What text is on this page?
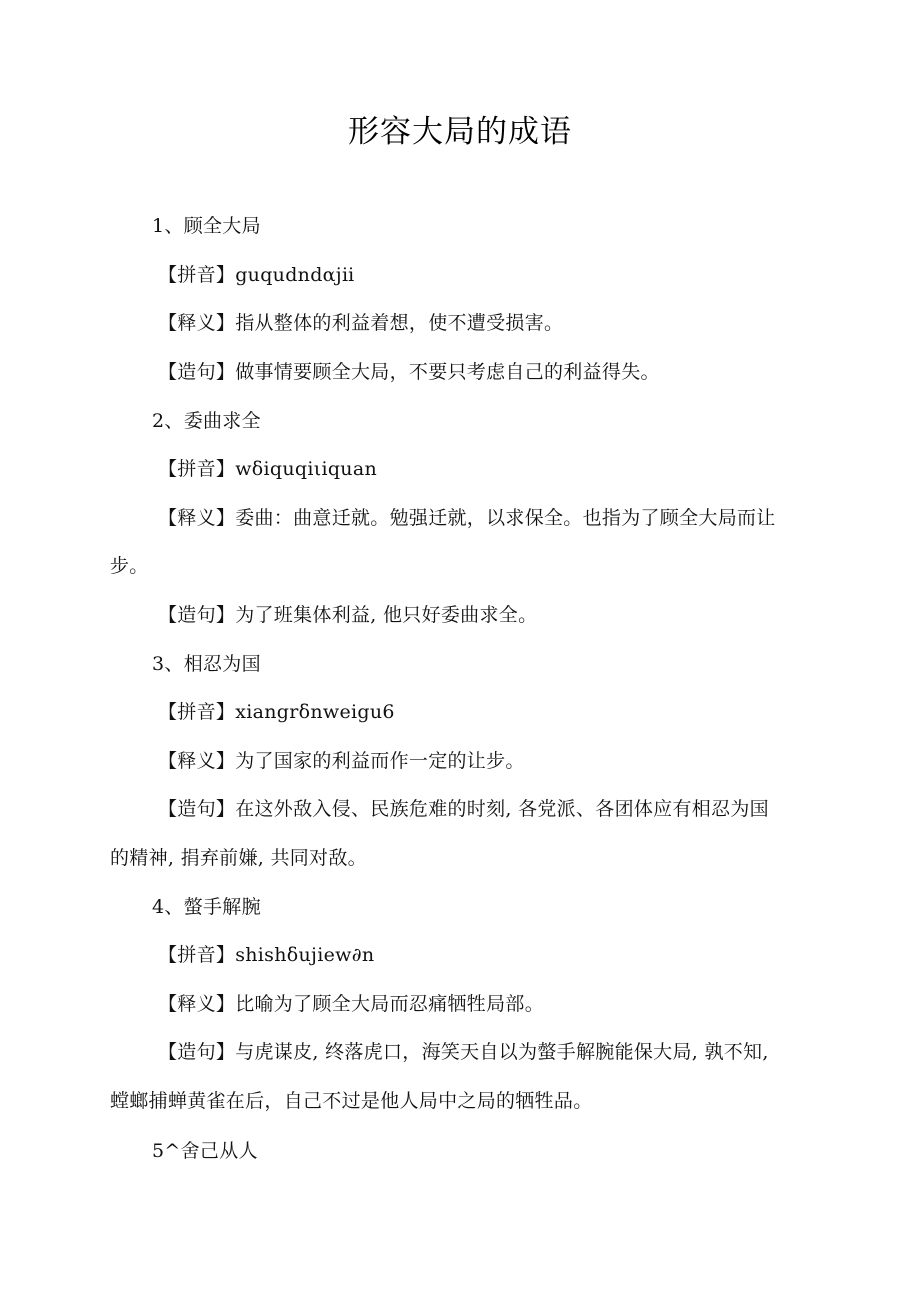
形容大局的成语
1、顾全大局
【拼音】guqudndαjⅱ
【释义】指从整体的利益着想，使不遭受损害。
【造句】做事情要顾全大局，不要只考虑自己的利益得失。
2、委曲求全
【拼音】wδiquqiιiquan
【释义】委曲：曲意迁就。勉强迁就，以求保全。也指为了顾全大局而让
步。
【造句】为了班集体利益, 他只好委曲求全。
3、相忍为国
【拼音】xiangrδnweigu6
【释义】为了国家的利益而作一定的让步。
【造句】在这外敌入侵、民族危难的时刻, 各党派、各团体应有相忍为国
的精神, 捐弃前嫌, 共同对敌。
4、螫手解腕
【拼音】shishδujiew∂n
【释义】比喻为了顾全大局而忍痛牺牲局部。
【造句】与虎谋皮, 终落虎口，海笑天自以为螫手解腕能保大局, 孰不知,
螳螂捕蝉黄雀在后，自己不过是他人局中之局的牺牲品。
5^舍己从人
